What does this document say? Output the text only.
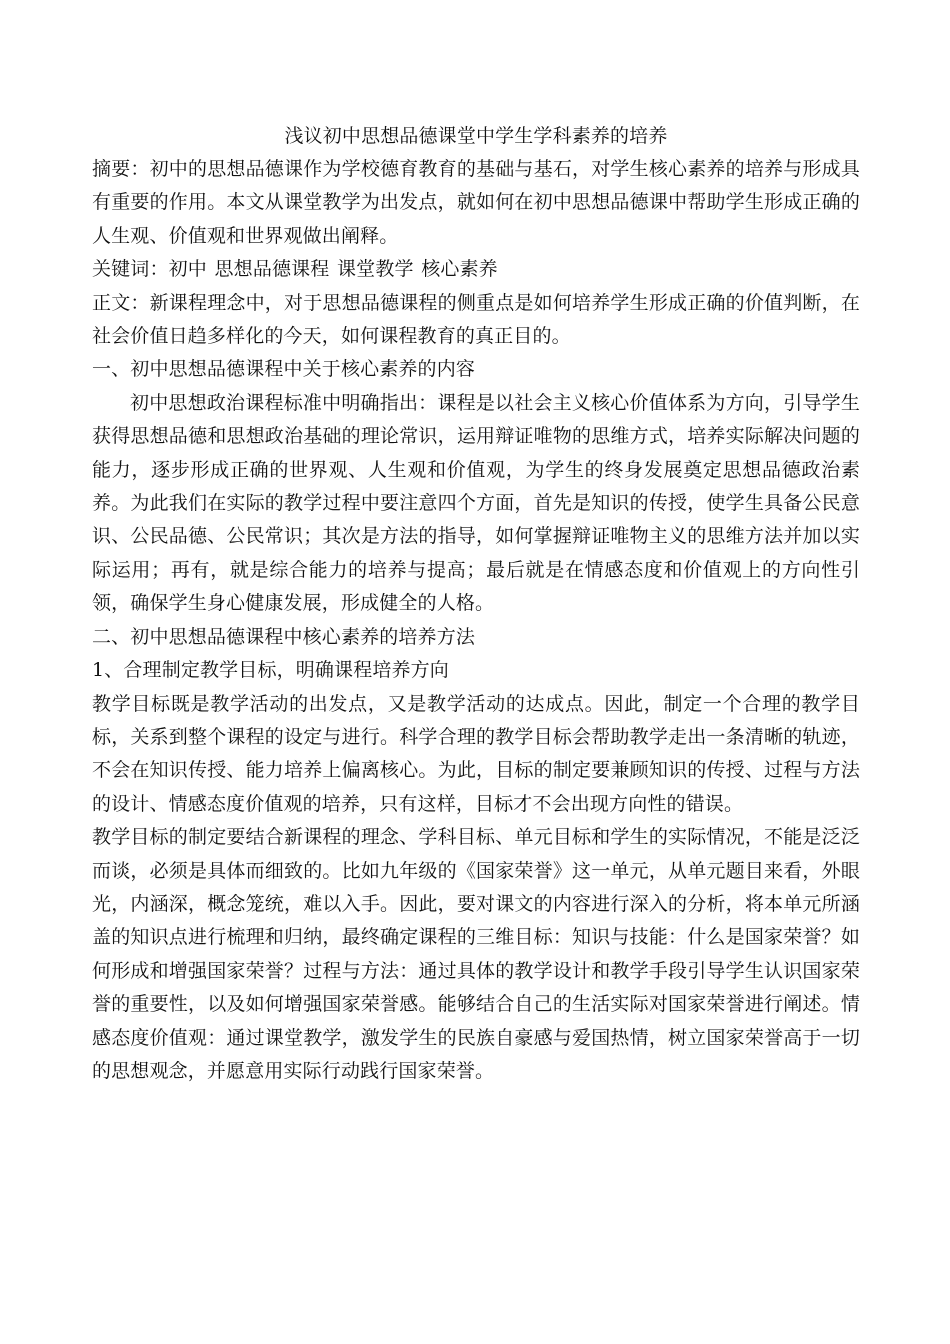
浅议初中思想品德课堂中学生学科素养的培养

摘要：初中的思想品德课作为学校德育教育的基础与基石，对学生核心素养的培养与形成具有重要的作用。本文从课堂教学为出发点，就如何在初中思想品德课中帮助学生形成正确的人生观、价值观和世界观做出阐释。

关键词：初中 思想品德课程 课堂教学 核心素养

正文：新课程理念中，对于思想品德课程的侧重点是如何培养学生形成正确的价值判断，在社会价值日趋多样化的今天，如何课程教育的真正目的。

一、初中思想品德课程中关于核心素养的内容

初中思想政治课程标准中明确指出：课程是以社会主义核心价值体系为方向，引导学生获得思想品德和思想政治基础的理论常识，运用辩证唯物的思维方式，培养实际解决问题的能力，逐步形成正确的世界观、人生观和价值观，为学生的终身发展奠定思想品德政治素养。为此我们在实际的教学过程中要注意四个方面，首先是知识的传授，使学生具备公民意识、公民品德、公民常识；其次是方法的指导，如何掌握辩证唯物主义的思维方法并加以实际运用；再有，就是综合能力的培养与提高；最后就是在情感态度和价值观上的方向性引领，确保学生身心健康发展，形成健全的人格。

二、初中思想品德课程中核心素养的培养方法

1、合理制定教学目标，明确课程培养方向

教学目标既是教学活动的出发点，又是教学活动的达成点。因此，制定一个合理的教学目标，关系到整个课程的设定与进行。科学合理的教学目标会帮助教学走出一条清晰的轨迹，不会在知识传授、能力培养上偏离核心。为此，目标的制定要兼顾知识的传授、过程与方法的设计、情感态度价值观的培养，只有这样，目标才不会出现方向性的错误。

教学目标的制定要结合新课程的理念、学科目标、单元目标和学生的实际情况，不能是泛泛而谈，必须是具体而细致的。比如九年级的《国家荣誉》这一单元，从单元题目来看，外眼光，内涵深，概念笼统，难以入手。因此，要对课文的内容进行深入的分析，将本单元所涵盖的知识点进行梳理和归纳，最终确定课程的三维目标：知识与技能：什么是国家荣誉？如何形成和增强国家荣誉？过程与方法：通过具体的教学设计和教学手段引导学生认识国家荣誉的重要性，以及如何增强国家荣誉感。能够结合自己的生活实际对国家荣誉进行阐述。情感态度价值观：通过课堂教学，激发学生的民族自豪感与爱国热情，树立国家荣誉高于一切的思想观念，并愿意用实际行动践行国家荣誉。
